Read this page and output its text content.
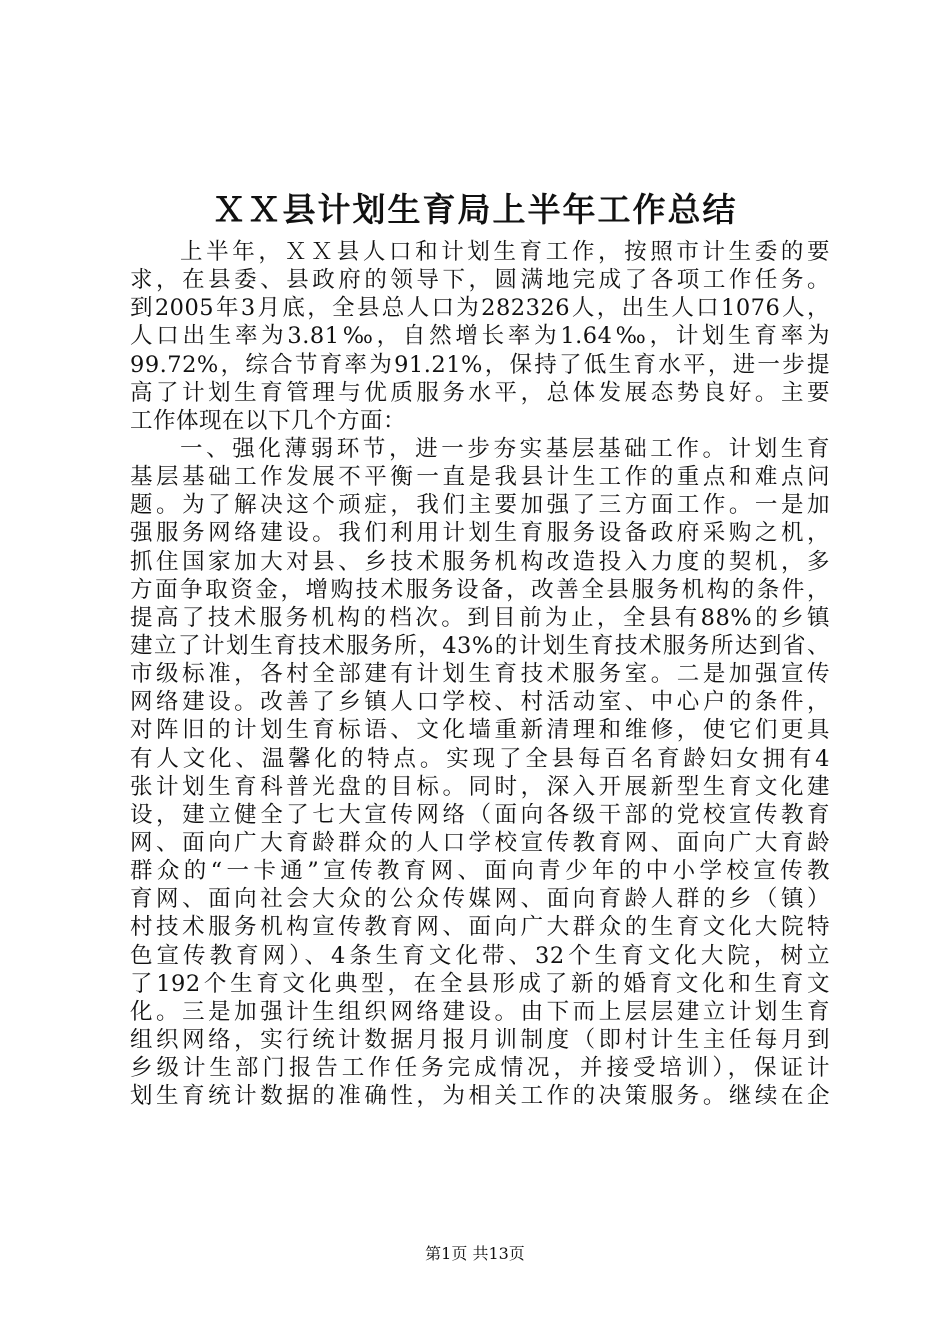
ＸＸ县计划生育局上半年工作总结
上半年，ＸＸ县人口和计划生育工作，按照市计生委的要
求，在县委、县政府的领导下，圆满地完成了各项工作任务。
到2005年3月底，全县总人口为282326人，出生人口1076人，
人口出生率为3.81‰，自然增长率为1.64‰，计划生育率为
99.72%，综合节育率为91.21%，保持了低生育水平，进一步提
高了计划生育管理与优质服务水平，总体发展态势良好。主要
工作体现在以下几个方面：
一、强化薄弱环节，进一步夯实基层基础工作。计划生育
基层基础工作发展不平衡一直是我县计生工作的重点和难点问
题。为了解决这个顽症，我们主要加强了三方面工作。一是加
强服务网络建设。我们利用计划生育服务设备政府采购之机，
抓住国家加大对县、乡技术服务机构改造投入力度的契机，多
方面争取资金，增购技术服务设备，改善全县服务机构的条件，
提高了技术服务机构的档次。到目前为止，全县有88%的乡镇
建立了计划生育技术服务所，43%的计划生育技术服务所达到省、
市级标准，各村全部建有计划生育技术服务室。二是加强宣传
网络建设。改善了乡镇人口学校、村活动室、中心户的条件，
对阵旧的计划生育标语、文化墙重新清理和维修，使它们更具
有人文化、温馨化的特点。实现了全县每百名育龄妇女拥有4
张计划生育科普光盘的目标。同时，深入开展新型生育文化建
设，建立健全了七大宣传网络（面向各级干部的党校宣传教育
网、面向广大育龄群众的人口学校宣传教育网、面向广大育龄
群众的“一卡通”宣传教育网、面向青少年的中小学校宣传教
育网、面向社会大众的公众传媒网、面向育龄人群的乡（镇）
村技术服务机构宣传教育网、面向广大群众的生育文化大院特
色宣传教育网）、4条生育文化带、32个生育文化大院，树立
了192个生育文化典型，在全县形成了新的婚育文化和生育文
化。三是加强计生组织网络建设。由下而上层层建立计划生育
组织网络，实行统计数据月报月训制度（即村计生主任每月到
乡级计生部门报告工作任务完成情况，并接受培训），保证计
划生育统计数据的准确性，为相关工作的决策服务。继续在企
第1页 共13页
